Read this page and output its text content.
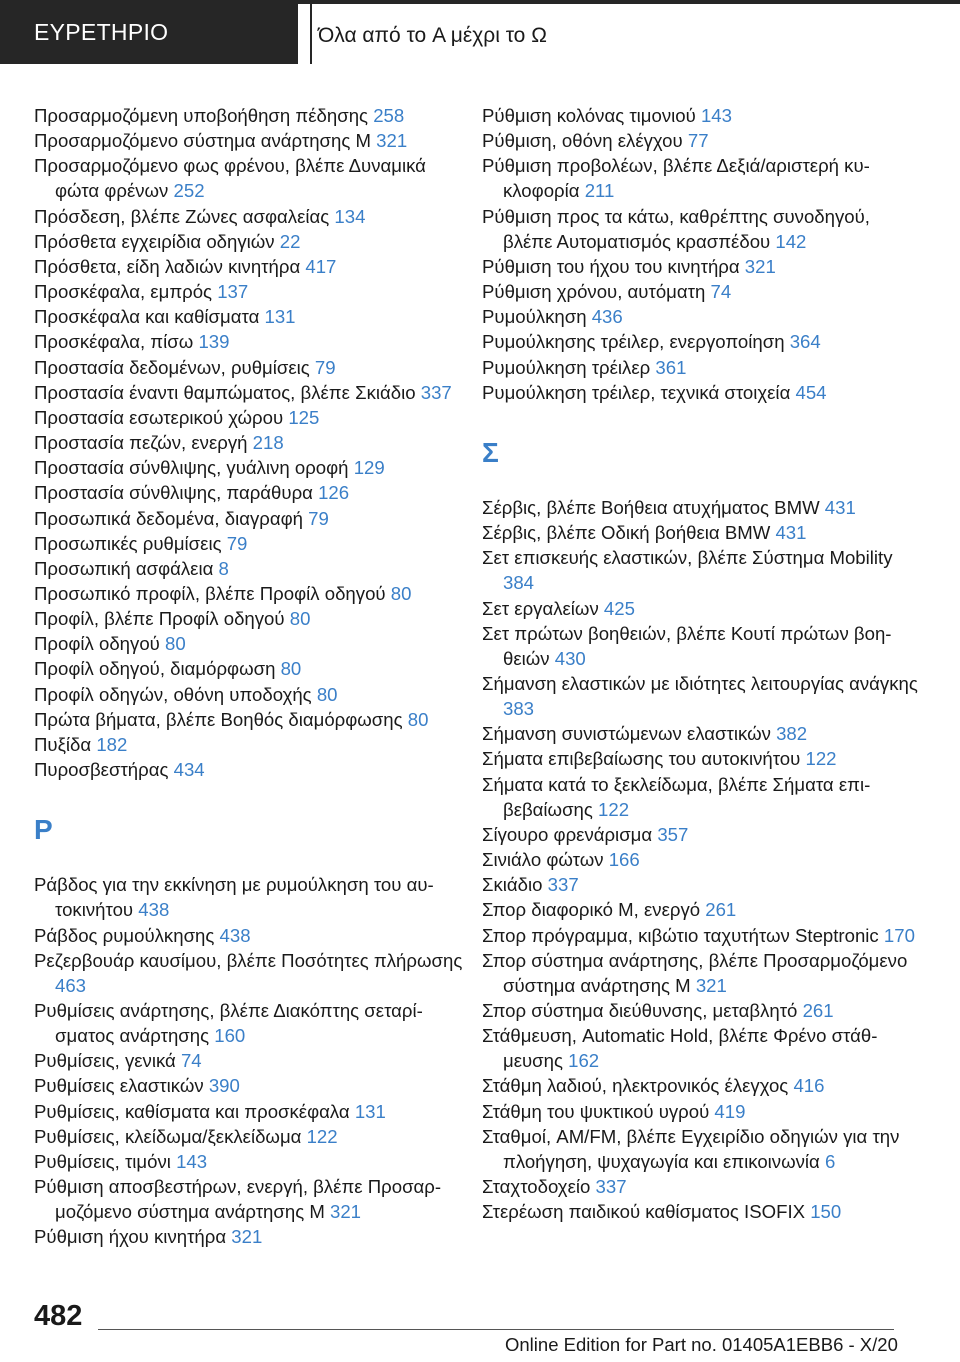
ΕΥΡΕΤΗΡΙΟ	Όλα από το A μέχρι το Ω
Προσαρμοζόμενη υποβοήθηση πέδησης 258
Προσαρμοζόμενο σύστημα ανάρτησης M 321
Προσαρμοζόμενο φως φρένου, βλέπε Δυναμικά φώτα φρένων 252
Πρόσδεση, βλέπε Ζώνες ασφαλείας 134
Πρόσθετα εγχειρίδια οδηγιών 22
Πρόσθετα, είδη λαδιών κινητήρα 417
Προσκέφαλα, εμπρός 137
Προσκέφαλα και καθίσματα 131
Προσκέφαλα, πίσω 139
Προστασία δεδομένων, ρυθμίσεις 79
Προστασία έναντι θαμπώματος, βλέπε Σκιάδιο 337
Προστασία εσωτερικού χώρου 125
Προστασία πεζών, ενεργή 218
Προστασία σύνθλιψης, γυάλινη οροφή 129
Προστασία σύνθλιψης, παράθυρα 126
Προσωπικά δεδομένα, διαγραφή 79
Προσωπικές ρυθμίσεις 79
Προσωπική ασφάλεια 8
Προσωπικό προφίλ, βλέπε Προφίλ οδηγού 80
Προφίλ, βλέπε Προφίλ οδηγού 80
Προφίλ οδηγού 80
Προφίλ οδηγού, διαμόρφωση 80
Προφίλ οδηγών, οθόνη υποδοχής 80
Πρώτα βήματα, βλέπε Βοηθός διαμόρφωσης 80
Πυξίδα 182
Πυροσβεστήρας 434
Ρ
Ράβδος για την εκκίνηση με ρυμούλκηση του αυτοκινήτου 438
Ράβδος ρυμούλκησης 438
Ρεζερβουάρ καυσίμου, βλέπε Ποσότητες πλήρωσης 463
Ρυθμίσεις ανάρτησης, βλέπε Διακόπτης σεταρίσματος ανάρτησης 160
Ρυθμίσεις, γενικά 74
Ρυθμίσεις ελαστικών 390
Ρυθμίσεις, καθίσματα και προσκέφαλα 131
Ρυθμίσεις, κλείδωμα/ξεκλείδωμα 122
Ρυθμίσεις, τιμόνι 143
Ρύθμιση αποσβεστήρων, ενεργή, βλέπε Προσαρμοζόμενο σύστημα ανάρτησης M 321
Ρύθμιση ήχου κινητήρα 321
Ρύθμιση κολόνας τιμονιού 143
Ρύθμιση, οθόνη ελέγχου 77
Ρύθμιση προβολέων, βλέπε Δεξιά/αριστερή κυκλοφορία 211
Ρύθμιση προς τα κάτω, καθρέπτης συνοδηγού, βλέπε Αυτοματισμός κρασπέδου 142
Ρύθμιση του ήχου του κινητήρα 321
Ρύθμιση χρόνου, αυτόματη 74
Ρυμούλκηση 436
Ρυμούλκησης τρέιλερ, ενεργοποίηση 364
Ρυμούλκηση τρέιλερ 361
Ρυμούλκηση τρέιλερ, τεχνικά στοιχεία 454
Σ
Σέρβις, βλέπε Βοήθεια ατυχήματος BMW 431
Σέρβις, βλέπε Οδική βοήθεια BMW 431
Σετ επισκευής ελαστικών, βλέπε Σύστημα Mobility 384
Σετ εργαλείων 425
Σετ πρώτων βοηθειών, βλέπε Κουτί πρώτων βοηθειών 430
Σήμανση ελαστικών με ιδιότητες λειτουργίας ανάγκης 383
Σήμανση συνιστώμενων ελαστικών 382
Σήματα επιβεβαίωσης του αυτοκινήτου 122
Σήματα κατά το ξεκλείδωμα, βλέπε Σήματα επιβεβαίωσης 122
Σίγουρο φρενάρισμα 357
Σινιάλο φώτων 166
Σκιάδιο 337
Σπορ διαφορικό M, ενεργό 261
Σπορ πρόγραμμα, κιβώτιο ταχυτήτων Steptronic 170
Σπορ σύστημα ανάρτησης, βλέπε Προσαρμοζόμενο σύστημα ανάρτησης M 321
Σπορ σύστημα διεύθυνσης, μεταβλητό 261
Στάθμευση, Automatic Hold, βλέπε Φρένο στάθμευσης 162
Στάθμη λαδιού, ηλεκτρονικός έλεγχος 416
Στάθμη του ψυκτικού υγρού 419
Σταθμοί, AM/FM, βλέπε Εγχειρίδιο οδηγιών για την πλοήγηση, ψυχαγωγία και επικοινωνία 6
Σταχτοδοχείο 337
Στερέωση παιδικού καθίσματος ISOFIX 150
482
Online Edition for Part no. 01405A1EBB6 - X/20
